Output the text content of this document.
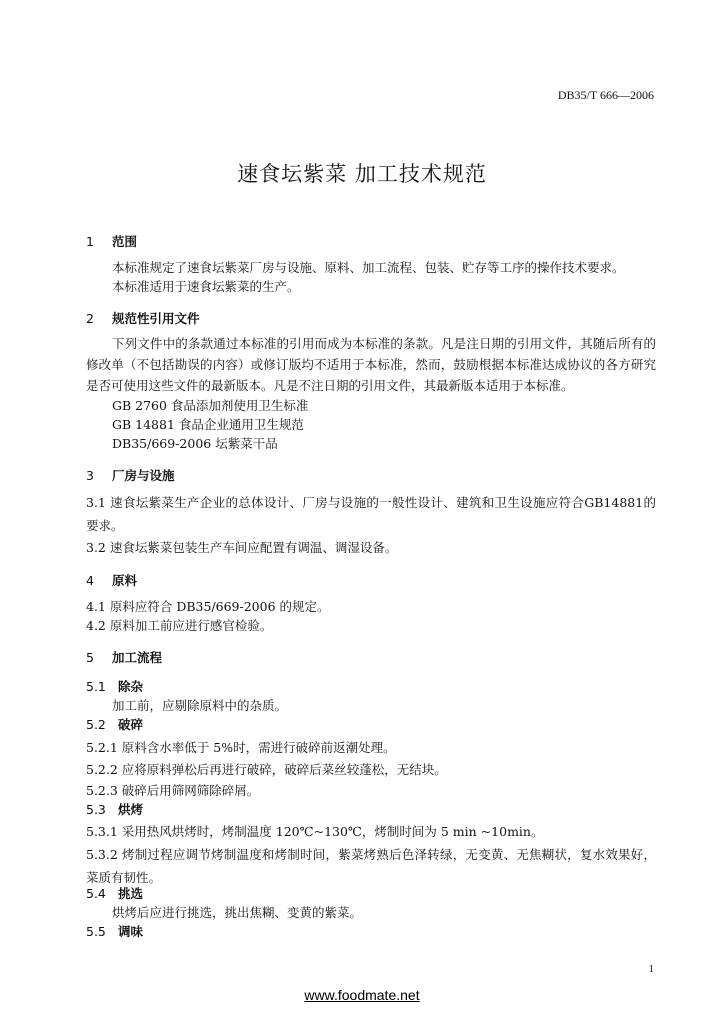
DB35/T 666—2006
速食坛紫菜 加工技术规范
1 范围
本标准规定了速食坛紫菜厂房与设施、原料、加工流程、包装、贮存等工序的操作技术要求。
本标准适用于速食坛紫菜的生产。
2 规范性引用文件
下列文件中的条款通过本标准的引用而成为本标准的条款。凡是注日期的引用文件，其随后所有的修改单（不包括勘误的内容）或修订版均不适用于本标准，然而，鼓励根据本标准达成协议的各方研究是否可使用这些文件的最新版本。凡是不注日期的引用文件，其最新版本适用于本标准。
GB 2760 食品添加剂使用卫生标准
GB 14881 食品企业通用卫生规范
DB35/669-2006 坛紫菜干品
3 厂房与设施
3.1 速食坛紫菜生产企业的总体设计、厂房与设施的一般性设计、建筑和卫生设施应符合GB14881的要求。
3.2 速食坛紫菜包装生产车间应配置有调温、调湿设备。
4 原料
4.1 原料应符合 DB35/669-2006 的规定。
4.2 原料加工前应进行感官检验。
5 加工流程
5.1 除杂
加工前，应剔除原料中的杂质。
5.2 破碎
5.2.1 原料含水率低于 5%时，需进行破碎前返潮处理。
5.2.2 应将原料弹松后再进行破碎，破碎后菜丝较蓬松，无结块。
5.2.3 破碎后用筛网筛除碎屑。
5.3 烘烤
5.3.1 采用热风烘烤时，烤制温度 120℃~130℃，烤制时间为 5 min ~10min。
5.3.2 烤制过程应调节烤制温度和烤制时间，紫菜烤熟后色泽转绿，无变黄、无焦糊状，复水效果好，菜质有韧性。
5.4 挑选
烘烤后应进行挑选，挑出焦糊、变黄的紫菜。
5.5 调味
1
www.foodmate.net
